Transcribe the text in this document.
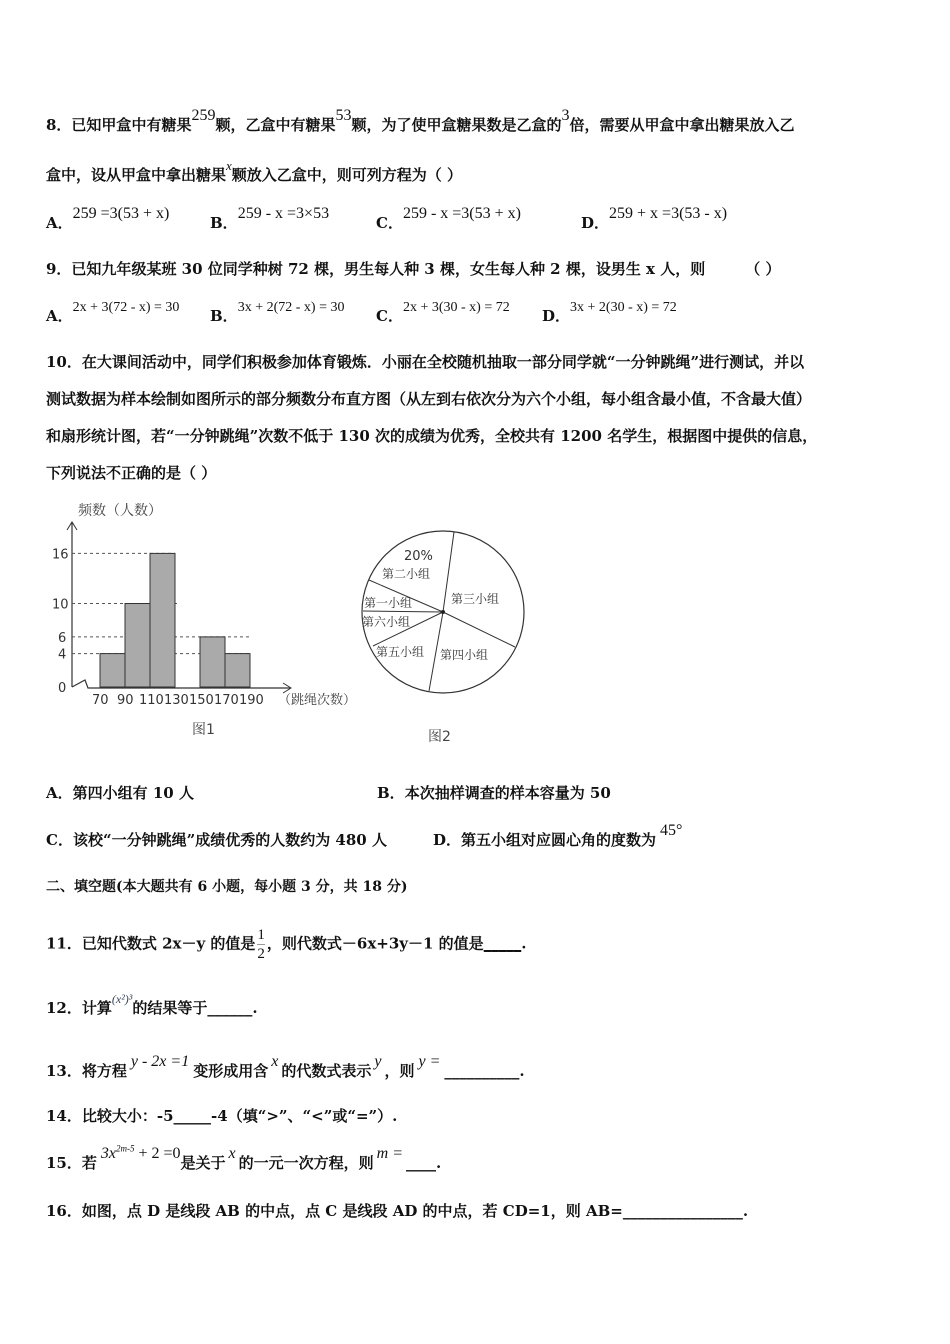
8．已知甲盒中有糖果259颗，乙盒中有糖果53颗，为了使甲盒糖果数是乙盒的3倍，需要从甲盒中拿出糖果放入乙
盒中，设从甲盒中拿出糖果x颗放入乙盒中，则可列方程为（ ）
A．259 =3(53 + x)
B．259 - x =3×53
C．259 - x =3(53 + x)
D．259 + x =3(53 - x)
9．已知九年级某班 30 位同学种树 72 棵，男生每人种 3 棵，女生每人种 2 棵，设男生 x 人，则	（ ）
A．2x + 3(72 - x) = 30 B．3x + 2(72 - x) = 30 C．2x + 3(30 - x) = 72 D．3x + 2(30 - x) = 72
10．在大课间活动中，同学们积极参加体育锻炼．小丽在全校随机抽取一部分同学就“一分钟跳绳”进行测试，并以
测试数据为样本绘制如图所示的部分频数分布直方图（从左到右依次分为六个小组，每小组含最小值，不含最大值）
和扇形统计图，若“一分钟跳绳”次数不低于 130 次的成绩为优秀，全校共有 1200 名学生，根据图中提供的信息，
下列说法不正确的是（ ）
频数（人数）
（跳绳次数）
图1
0
4
6
10
16
70 90 110 130 150 170 190
20%
第二小组
第三小组
第一小组
第六小组
第五小组 第四小组
图2
A．第四小组有 10 人	B．本次抽样调查的样本容量为 50
C．该校“一分钟跳绳”成绩优秀的人数约为 480 人	D．第五小组对应圆心角的度数为45°
二、填空题(本大题共有 6 小题，每小题 3 分，共 18 分)
11．已知代数式 2x－y 的值是 $\frac{1}{2}$ ，则代数式－6x+3y－1 的值是_____.
12．计算$^{(x^2)^3}$的结果等于______.
13．将方程y - 2x =1变形成用含x的代数式表示y，则y =__________.
14．比较大小：-5_____-4（填“>”、“<”或“=”）.
15．若$3x^{2m-5} + 2 =0$是关于x的一元一次方程，则m =____.
16．如图，点 D 是线段 AB 的中点，点 C 是线段 AD 的中点，若 CD=1，则 AB=________________.
